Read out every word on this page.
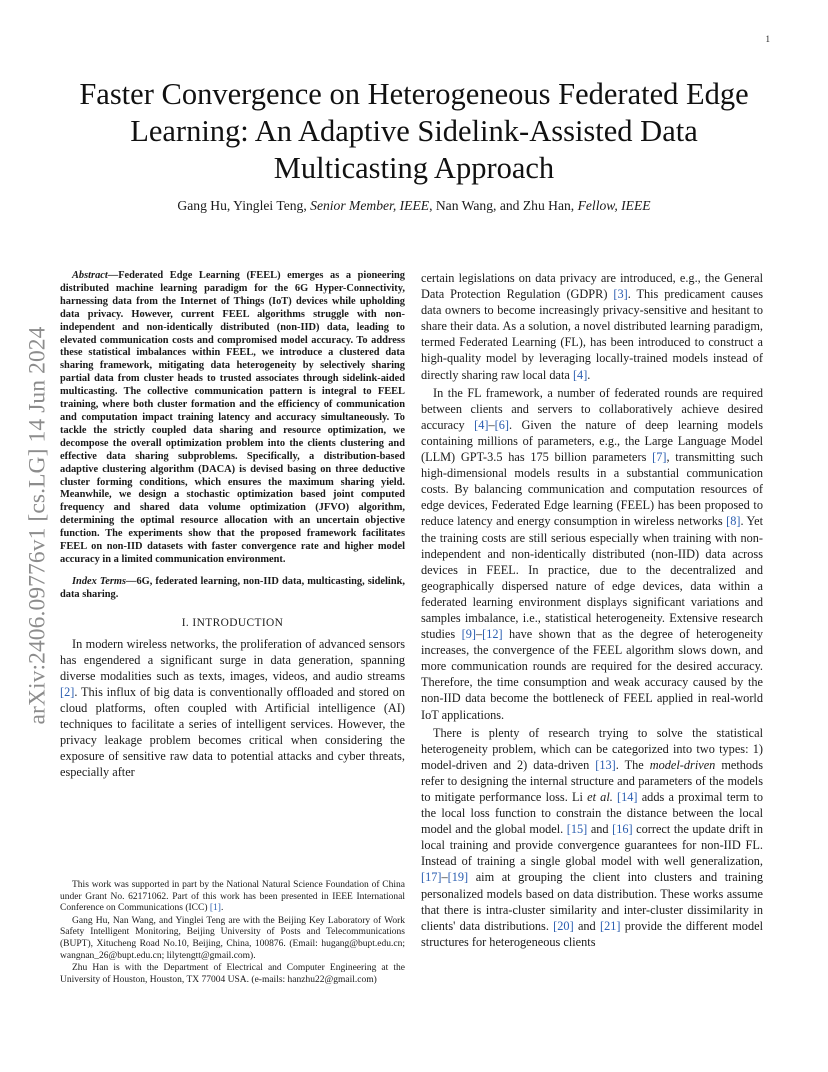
1
arXiv:2406.09776v1 [cs.LG] 14 Jun 2024
Faster Convergence on Heterogeneous Federated Edge Learning: An Adaptive Sidelink-Assisted Data Multicasting Approach
Gang Hu, Yinglei Teng, Senior Member, IEEE, Nan Wang, and Zhu Han, Fellow, IEEE

Abstract—Federated Edge Learning (FEEL) emerges as a pioneering distributed machine learning paradigm for the 6G Hyper-Connectivity, harnessing data from the Internet of Things (IoT) devices while upholding data privacy. However, current FEEL algorithms struggle with non-independent and non-identically distributed (non-IID) data, leading to elevated communication costs and compromised model accuracy. To address these statistical imbalances within FEEL, we introduce a clustered data sharing framework, mitigating data heterogeneity by selectively sharing partial data from cluster heads to trusted associates through sidelink-aided multicasting. The collective communication pattern is integral to FEEL training, where both cluster formation and the efficiency of communication and computation impact training latency and accuracy simultaneously. To tackle the strictly coupled data sharing and resource optimization, we decompose the overall optimization problem into the clients clustering and effective data sharing subproblems. Specifically, a distribution-based adaptive clustering algorithm (DACA) is devised basing on three deductive cluster forming conditions, which ensures the maximum sharing yield. Meanwhile, we design a stochastic optimization based joint computed frequency and shared data volume optimization (JFVO) algorithm, determining the optimal resource allocation with an uncertain objective function. The experiments show that the proposed framework facilitates FEEL on non-IID datasets with faster convergence rate and higher model accuracy in a limited communication environment.

Index Terms—6G, federated learning, non-IID data, multicasting, sidelink, data sharing.

I. INTRODUCTION

In modern wireless networks, the proliferation of advanced sensors has engendered a significant surge in data generation, spanning diverse modalities such as texts, images, videos, and audio streams [2]. This influx of big data is conventionally offloaded and stored on cloud platforms, often coupled with Artificial intelligence (AI) techniques to facilitate a series of intelligent services. However, the privacy leakage problem becomes critical when considering the exposure of sensitive raw data to potential attacks and cyber threats, especially after

This work was supported in part by the National Natural Science Foundation of China under Grant No. 62171062. Part of this work has been presented in IEEE International Conference on Communications (ICC) [1].

Gang Hu, Nan Wang, and Yinglei Teng are with the Beijing Key Laboratory of Work Safety Intelligent Monitoring, Beijing University of Posts and Telecommunications (BUPT), Xitucheng Road No.10, Beijing, China, 100876. (Email: hugang@bupt.edu.cn; wangnan_26@bupt.edu.cn; lilytengtt@gmail.com).

Zhu Han is with the Department of Electrical and Computer Engineering at the University of Houston, Houston, TX 77004 USA. (e-mails: hanzhu22@gmail.com)

certain legislations on data privacy are introduced, e.g., the General Data Protection Regulation (GDPR) [3]. This predicament causes data owners to become increasingly privacy-sensitive and hesitant to share their data. As a solution, a novel distributed learning paradigm, termed Federated Learning (FL), has been introduced to construct a high-quality model by leveraging locally-trained models instead of directly sharing raw local data [4].

In the FL framework, a number of federated rounds are required between clients and servers to collaboratively achieve desired accuracy [4]–[6]. Given the nature of deep learning models containing millions of parameters, e.g., the Large Language Model (LLM) GPT-3.5 has 175 billion parameters [7], transmitting such high-dimensional models results in a substantial communication costs. By balancing communication and computation resources of edge devices, Federated Edge learning (FEEL) has been proposed to reduce latency and energy consumption in wireless networks [8]. Yet the training costs are still serious especially when training with non-independent and non-identically distributed (non-IID) data across devices in FEEL. In practice, due to the decentralized and geographically dispersed nature of edge devices, data within a federated learning environment displays significant variations and samples imbalance, i.e., statistical heterogeneity. Extensive research studies [9]–[12] have shown that as the degree of heterogeneity increases, the convergence of the FEEL algorithm slows down, and more communication rounds are required for the desired accuracy. Therefore, the time consumption and weak accuracy caused by the non-IID data become the bottleneck of FEEL applied in real-world IoT applications.

There is plenty of research trying to solve the statistical heterogeneity problem, which can be categorized into two types: 1) model-driven and 2) data-driven [13]. The model-driven methods refer to designing the internal structure and parameters of the models to mitigate performance loss. Li et al. [14] adds a proximal term to the local loss function to constrain the distance between the local model and the global model. [15] and [16] correct the update drift in local training and provide convergence guarantees for non-IID FL. Instead of training a single global model with well generalization, [17]–[19] aim at grouping the client into clusters and training personalized models based on data distribution. These works assume that there is intra-cluster similarity and inter-cluster dissimilarity in clients' data distributions. [20] and [21] provide the different model structures for heterogeneous clients
